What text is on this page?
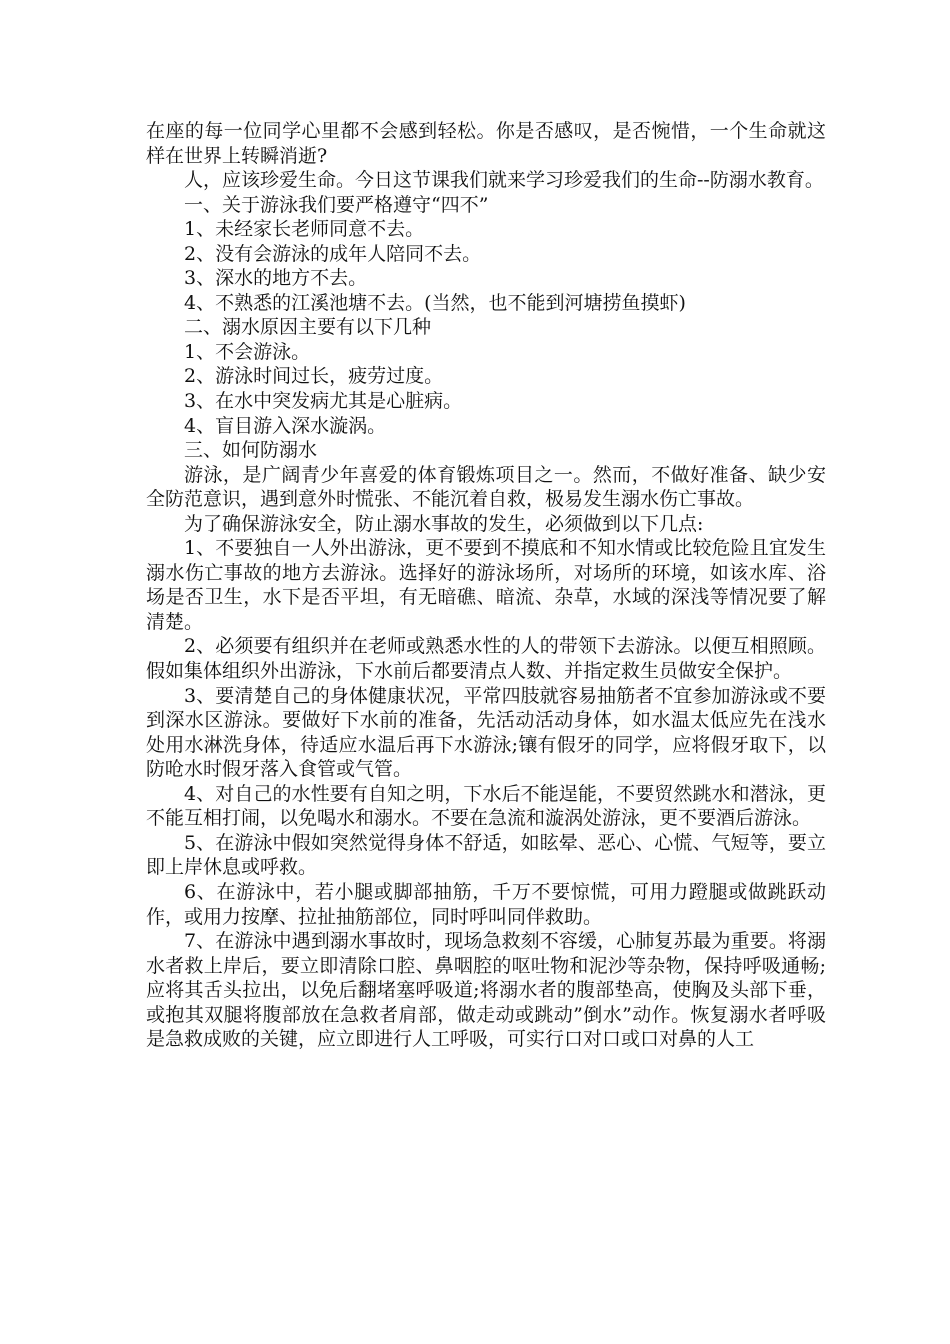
在座的每一位同学心里都不会感到轻松。你是否感叹，是否惋惜，一个生命就这样在世界上转瞬消逝?

人，应该珍爱生命。今日这节课我们就来学习珍爱我们的生命--防溺水教育。

一、关于游泳我们要严格遵守“四不”

1、未经家长老师同意不去。

2、没有会游泳的成年人陪同不去。

3、深水的地方不去。

4、不熟悉的江溪池塘不去。(当然，也不能到河塘捞鱼摸虾)

二、溺水原因主要有以下几种

1、不会游泳。

2、游泳时间过长，疲劳过度。

3、在水中突发病尤其是心脏病。

4、盲目游入深水漩涡。

三、如何防溺水

游泳，是广阔青少年喜爱的体育锻炼项目之一。然而，不做好准备、缺少安全防范意识，遇到意外时慌张、不能沉着自救，极易发生溺水伤亡事故。

为了确保游泳安全，防止溺水事故的发生，必须做到以下几点:

1、不要独自一人外出游泳，更不要到不摸底和不知水情或比较危险且宜发生溺水伤亡事故的地方去游泳。选择好的游泳场所，对场所的环境，如该水库、浴场是否卫生，水下是否平坦，有无暗礁、暗流、杂草，水域的深浅等情况要了解清楚。

2、必须要有组织并在老师或熟悉水性的人的带领下去游泳。以便互相照顾。假如集体组织外出游泳，下水前后都要清点人数、并指定救生员做安全保护。

3、要清楚自己的身体健康状况，平常四肢就容易抽筋者不宜参加游泳或不要到深水区游泳。要做好下水前的准备，先活动活动身体，如水温太低应先在浅水处用水淋洗身体，待适应水温后再下水游泳;镶有假牙的同学，应将假牙取下，以防呛水时假牙落入食管或气管。

4、对自己的水性要有自知之明，下水后不能逞能，不要贸然跳水和潜泳，更不能互相打闹，以免喝水和溺水。不要在急流和漩涡处游泳，更不要酒后游泳。

5、在游泳中假如突然觉得身体不舒适，如眩晕、恶心、心慌、气短等，要立即上岸休息或呼救。

6、在游泳中，若小腿或脚部抽筋，千万不要惊慌，可用力蹬腿或做跳跃动作，或用力按摩、拉扯抽筋部位，同时呼叫同伴救助。

7、在游泳中遇到溺水事故时，现场急救刻不容缓，心肺复苏最为重要。将溺水者救上岸后，要立即清除口腔、鼻咽腔的呕吐物和泥沙等杂物，保持呼吸通畅;应将其舌头拉出，以免后翻堵塞呼吸道;将溺水者的腹部垫高，使胸及头部下垂，或抱其双腿将腹部放在急救者肩部，做走动或跳动”倒水”动作。恢复溺水者呼吸是急救成败的关键，应立即进行人工呼吸，可实行口对口或口对鼻的人工
